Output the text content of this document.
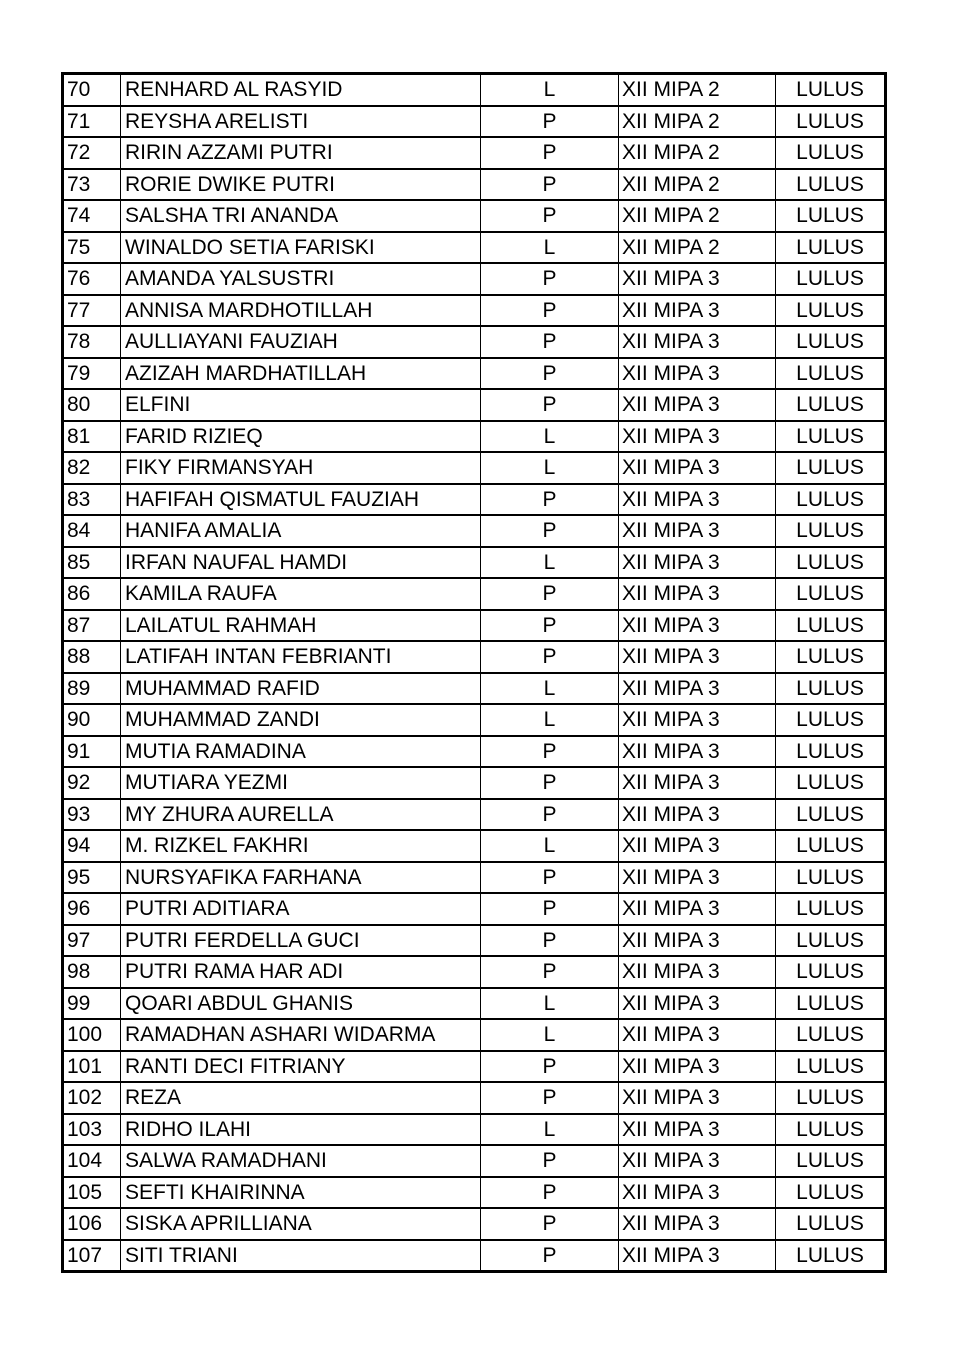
70	RENHARD AL RASYID	L	XII MIPA 2	LULUS
71	REYSHA ARELISTI	P	XII MIPA 2	LULUS
72	RIRIN AZZAMI PUTRI	P	XII MIPA 2	LULUS
73	RORIE DWIKE PUTRI	P	XII MIPA 2	LULUS
74	SALSHA TRI ANANDA	P	XII MIPA 2	LULUS
75	WINALDO SETIA FARISKI	L	XII MIPA 2	LULUS
76	AMANDA YALSUSTRI	P	XII MIPA 3	LULUS
77	ANNISA MARDHOTILLAH	P	XII MIPA 3	LULUS
78	AULLIAYANI FAUZIAH	P	XII MIPA 3	LULUS
79	AZIZAH MARDHATILLAH	P	XII MIPA 3	LULUS
80	ELFINI	P	XII MIPA 3	LULUS
81	FARID RIZIEQ	L	XII MIPA 3	LULUS
82	FIKY FIRMANSYAH	L	XII MIPA 3	LULUS
83	HAFIFAH QISMATUL FAUZIAH	P	XII MIPA 3	LULUS
84	HANIFA AMALIA	P	XII MIPA 3	LULUS
85	IRFAN NAUFAL HAMDI	L	XII MIPA 3	LULUS
86	KAMILA RAUFA	P	XII MIPA 3	LULUS
87	LAILATUL RAHMAH	P	XII MIPA 3	LULUS
88	LATIFAH INTAN FEBRIANTI	P	XII MIPA 3	LULUS
89	MUHAMMAD RAFID	L	XII MIPA 3	LULUS
90	MUHAMMAD ZANDI	L	XII MIPA 3	LULUS
91	MUTIA RAMADINA	P	XII MIPA 3	LULUS
92	MUTIARA YEZMI	P	XII MIPA 3	LULUS
93	MY ZHURA AURELLA	P	XII MIPA 3	LULUS
94	M. RIZKEL FAKHRI	L	XII MIPA 3	LULUS
95	NURSYAFIKA FARHANA	P	XII MIPA 3	LULUS
96	PUTRI ADITIARA	P	XII MIPA 3	LULUS
97	PUTRI FERDELLA GUCI	P	XII MIPA 3	LULUS
98	PUTRI RAMA HAR ADI	P	XII MIPA 3	LULUS
99	QOARI ABDUL GHANIS	L	XII MIPA 3	LULUS
100	RAMADHAN ASHARI WIDARMA	L	XII MIPA 3	LULUS
101	RANTI DECI FITRIANY	P	XII MIPA 3	LULUS
102	REZA	P	XII MIPA 3	LULUS
103	RIDHO ILAHI	L	XII MIPA 3	LULUS
104	SALWA RAMADHANI	P	XII MIPA 3	LULUS
105	SEFTI KHAIRINNA	P	XII MIPA 3	LULUS
106	SISKA APRILLIANA	P	XII MIPA 3	LULUS
107	SITI TRIANI	P	XII MIPA 3	LULUS
